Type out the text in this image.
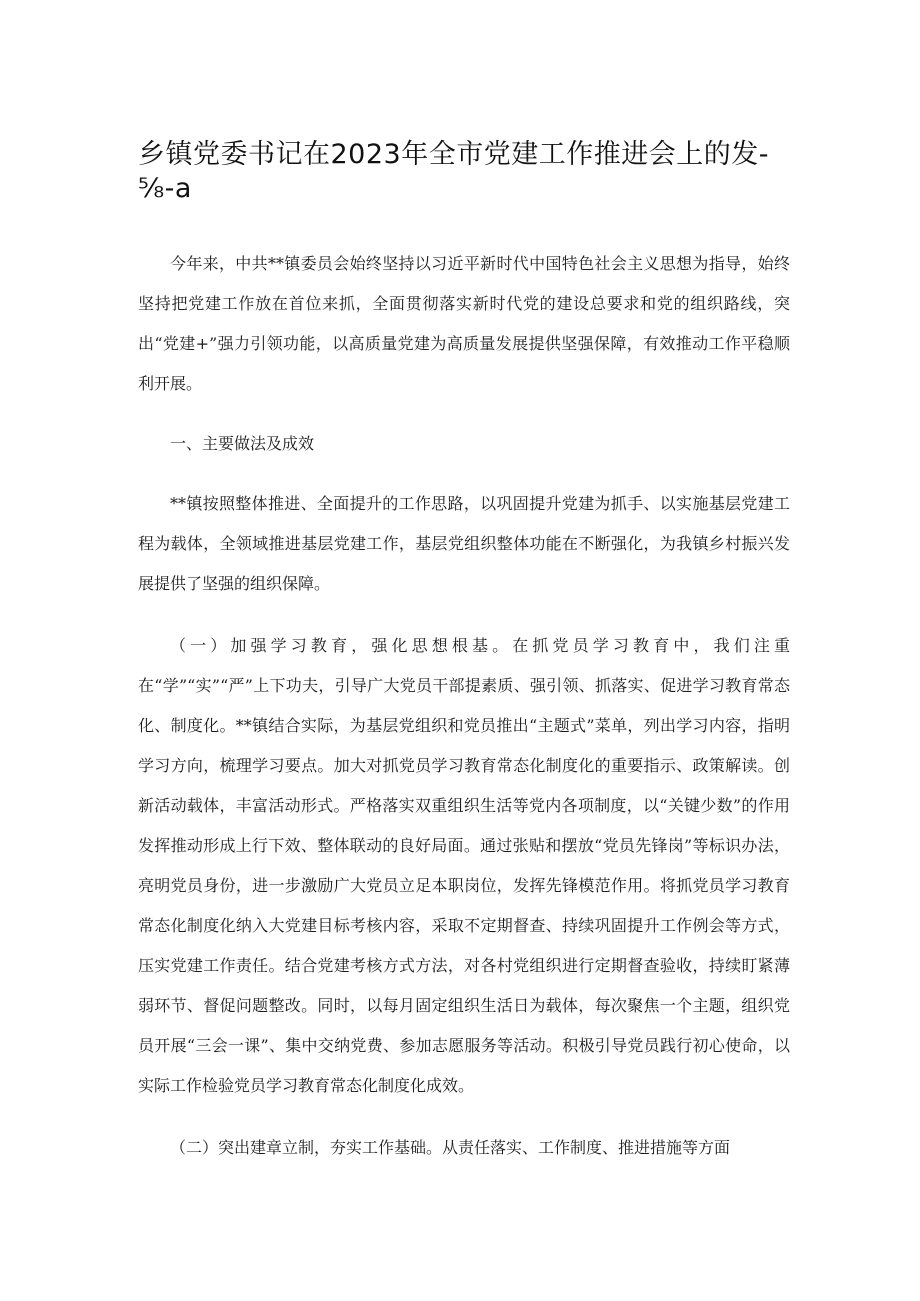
乡镇党委书记在2023年全市党建工作推进会上的发-⅝-a

今年来，中共**镇委员会始终坚持以习近平新时代中国特色社会主义思想为指导，始终坚持把党建工作放在首位来抓，全面贯彻落实新时代党的建设总要求和党的组织路线，突出“党建+”强力引领功能，以高质量党建为高质量发展提供坚强保障，有效推动工作平稳顺利开展。

一、主要做法及成效

**镇按照整体推进、全面提升的工作思路，以巩固提升党建为抓手、以实施基层党建工程为载体，全领域推进基层党建工作，基层党组织整体功能在不断强化，为我镇乡村振兴发展提供了坚强的组织保障。

（一）加强学习教育，强化思想根基。在抓党员学习教育中，我们注重在“学”“实”“严”上下功夫，引导广大党员干部提素质、强引领、抓落实、促进学习教育常态化、制度化。**镇结合实际，为基层党组织和党员推出“主题式”菜单，列出学习内容，指明学习方向，梳理学习要点。加大对抓党员学习教育常态化制度化的重要指示、政策解读。创新活动载体，丰富活动形式。严格落实双重组织生活等党内各项制度，以“关键少数”的作用发挥推动形成上行下效、整体联动的良好局面。通过张贴和摆放“党员先锋岗”等标识办法，亮明党员身份，进一步激励广大党员立足本职岗位，发挥先锋模范作用。将抓党员学习教育常态化制度化纳入大党建目标考核内容，采取不定期督查、持续巩固提升工作例会等方式，压实党建工作责任。结合党建考核方式方法，对各村党组织进行定期督查验收，持续盯紧薄弱环节、督促问题整改。同时，以每月固定组织生活日为载体，每次聚焦一个主题，组织党员开展“三会一课”、集中交纳党费、参加志愿服务等活动。积极引导党员践行初心使命，以实际工作检验党员学习教育常态化制度化成效。

（二）突出建章立制，夯实工作基础。从责任落实、工作制度、推进措施等方面
